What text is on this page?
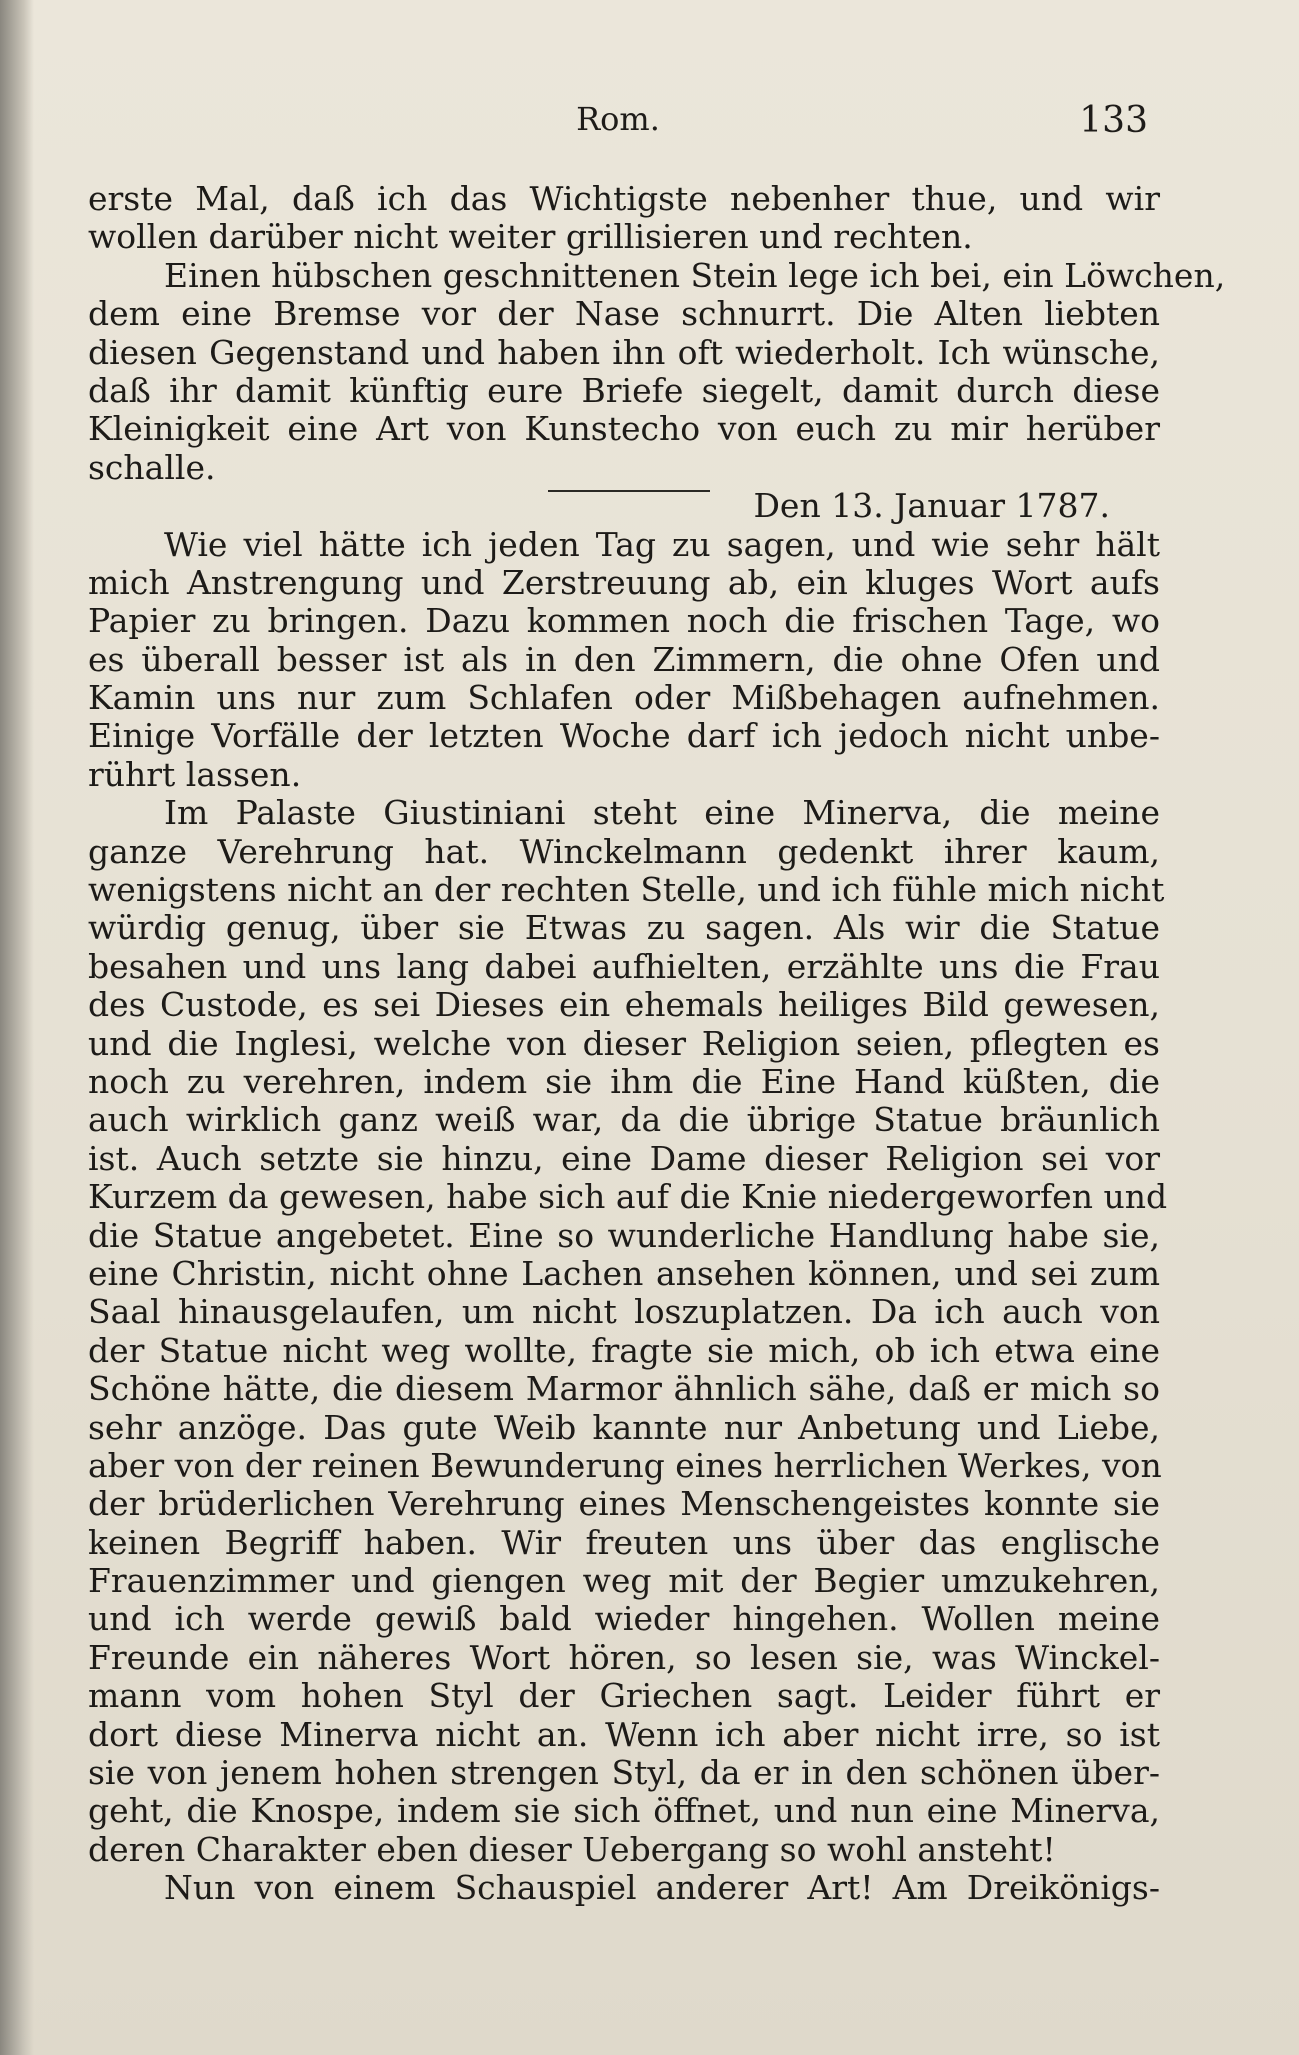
Rom.	133
erste Mal, daß ich das Wichtigste nebenher thue, und wir
wollen darüber nicht weiter grillisieren und rechten.
Einen hübschen geschnittenen Stein lege ich bei, ein Löwchen,
dem eine Bremse vor der Nase schnurrt. Die Alten liebten
diesen Gegenstand und haben ihn oft wiederholt. Ich wünsche,
daß ihr damit künftig eure Briefe siegelt, damit durch diese
Kleinigkeit eine Art von Kunstecho von euch zu mir herüber
schalle.
Den 13. Januar 1787.
Wie viel hätte ich jeden Tag zu sagen, und wie sehr hält
mich Anstrengung und Zerstreuung ab, ein kluges Wort aufs
Papier zu bringen. Dazu kommen noch die frischen Tage, wo
es überall besser ist als in den Zimmern, die ohne Ofen und
Kamin uns nur zum Schlafen oder Mißbehagen aufnehmen.
Einige Vorfälle der letzten Woche darf ich jedoch nicht unbe-
rührt lassen.
Im Palaste Giustiniani steht eine Minerva, die meine
ganze Verehrung hat. Winckelmann gedenkt ihrer kaum,
wenigstens nicht an der rechten Stelle, und ich fühle mich nicht
würdig genug, über sie Etwas zu sagen. Als wir die Statue
besahen und uns lang dabei aufhielten, erzählte uns die Frau
des Custode, es sei Dieses ein ehemals heiliges Bild gewesen,
und die Inglesi, welche von dieser Religion seien, pflegten es
noch zu verehren, indem sie ihm die Eine Hand küßten, die
auch wirklich ganz weiß war, da die übrige Statue bräunlich
ist. Auch setzte sie hinzu, eine Dame dieser Religion sei vor
Kurzem da gewesen, habe sich auf die Knie niedergeworfen und
die Statue angebetet. Eine so wunderliche Handlung habe sie,
eine Christin, nicht ohne Lachen ansehen können, und sei zum
Saal hinausgelaufen, um nicht loszuplatzen. Da ich auch von
der Statue nicht weg wollte, fragte sie mich, ob ich etwa eine
Schöne hätte, die diesem Marmor ähnlich sähe, daß er mich so
sehr anzöge. Das gute Weib kannte nur Anbetung und Liebe,
aber von der reinen Bewunderung eines herrlichen Werkes, von
der brüderlichen Verehrung eines Menschengeistes konnte sie
keinen Begriff haben. Wir freuten uns über das englische
Frauenzimmer und giengen weg mit der Begier umzukehren,
und ich werde gewiß bald wieder hingehen. Wollen meine
Freunde ein näheres Wort hören, so lesen sie, was Winckel-
mann vom hohen Styl der Griechen sagt. Leider führt er
dort diese Minerva nicht an. Wenn ich aber nicht irre, so ist
sie von jenem hohen strengen Styl, da er in den schönen über-
geht, die Knospe, indem sie sich öffnet, und nun eine Minerva,
deren Charakter eben dieser Uebergang so wohl ansteht!
Nun von einem Schauspiel anderer Art! Am Dreikönigs-
